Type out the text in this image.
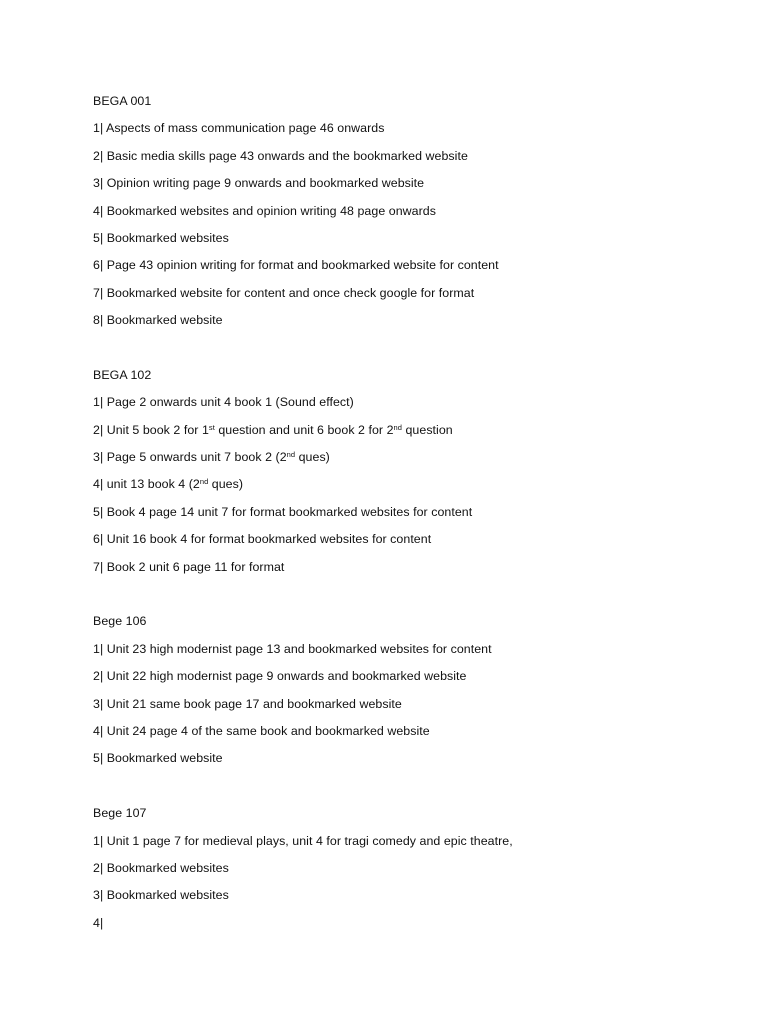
BEGA 001
1| Aspects of mass communication page 46 onwards
2| Basic media skills page 43 onwards and the bookmarked website
3| Opinion writing page 9 onwards and bookmarked website
4| Bookmarked websites and opinion writing 48 page onwards
5| Bookmarked websites
6| Page 43 opinion writing for format and bookmarked website for content
7| Bookmarked website for content and once check google for format
8| Bookmarked website
BEGA 102
1| Page 2 onwards unit 4 book 1 (Sound effect)
2| Unit 5 book 2 for 1st question and unit 6 book 2 for 2nd question
3| Page 5 onwards unit 7 book 2 (2nd ques)
4| unit 13 book 4 (2nd ques)
5| Book 4 page 14 unit 7 for format bookmarked websites for content
6| Unit 16 book 4 for format bookmarked websites for content
7| Book 2 unit 6 page 11 for format
Bege 106
1| Unit 23 high modernist page 13 and bookmarked websites for content
2| Unit 22 high modernist page 9 onwards and bookmarked website
3| Unit 21 same book page 17 and bookmarked website
4| Unit 24 page 4 of the same book and bookmarked website
5| Bookmarked website
Bege 107
1| Unit 1 page 7 for medieval plays, unit 4 for tragi comedy and epic theatre,
2| Bookmarked websites
3| Bookmarked websites
4|
